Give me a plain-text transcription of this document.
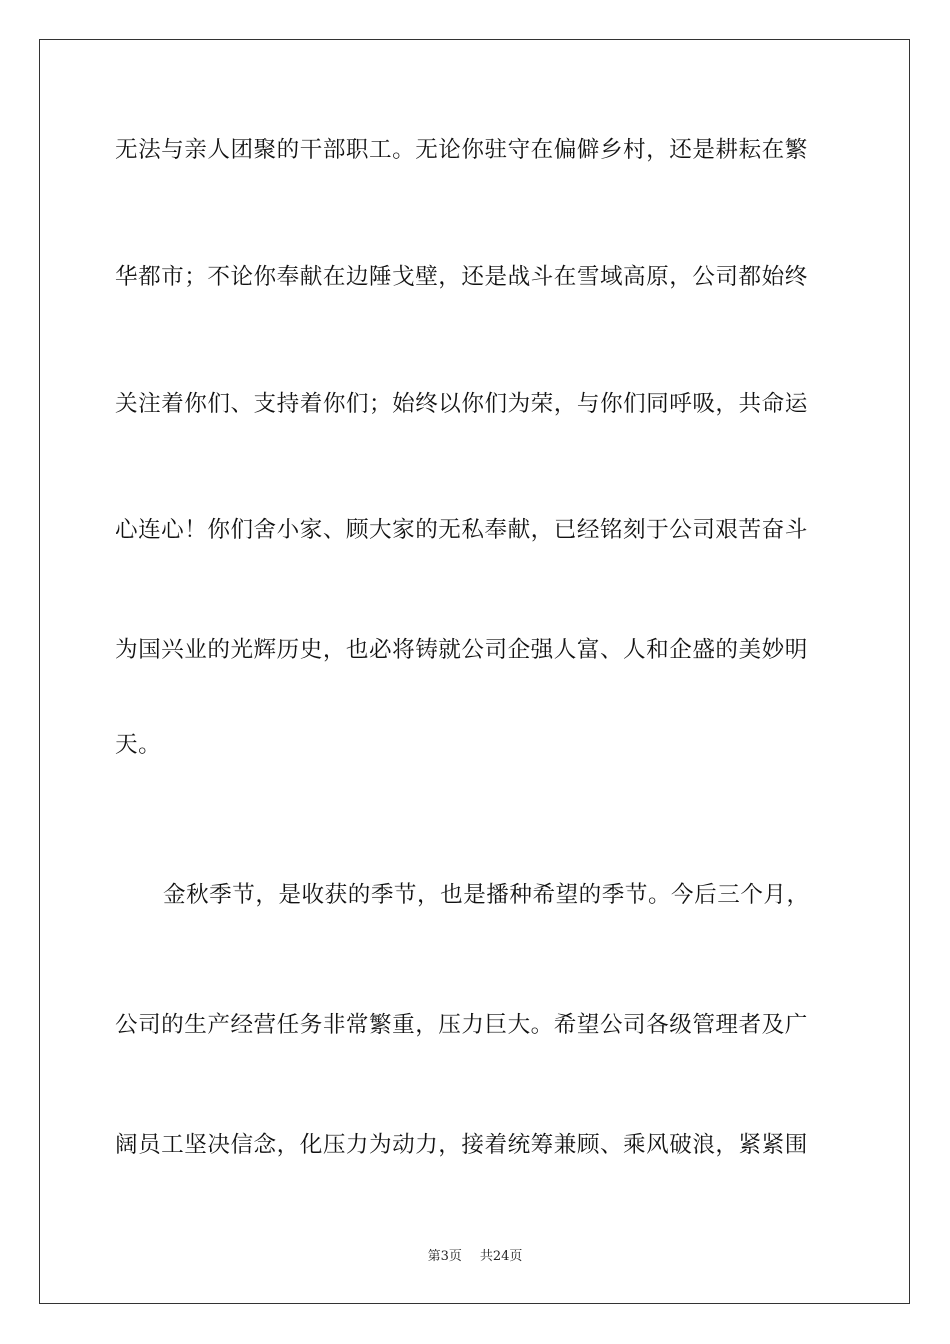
无法与亲人团聚的干部职工。无论你驻守在偏僻乡村，还是耕耘在繁
华都市；不论你奉献在边陲戈壁，还是战斗在雪域高原，公司都始终
关注着你们、支持着你们；始终以你们为荣，与你们同呼吸，共命运
心连心！你们舍小家、顾大家的无私奉献，已经铭刻于公司艰苦奋斗
为国兴业的光辉历史，也必将铸就公司企强人富、人和企盛的美妙明
天。
金秋季节，是收获的季节，也是播种希望的季节。今后三个月，
公司的生产经营任务非常繁重，压力巨大。希望公司各级管理者及广
阔员工坚决信念，化压力为动力，接着统筹兼顾、乘风破浪，紧紧围
第3页 共24页
